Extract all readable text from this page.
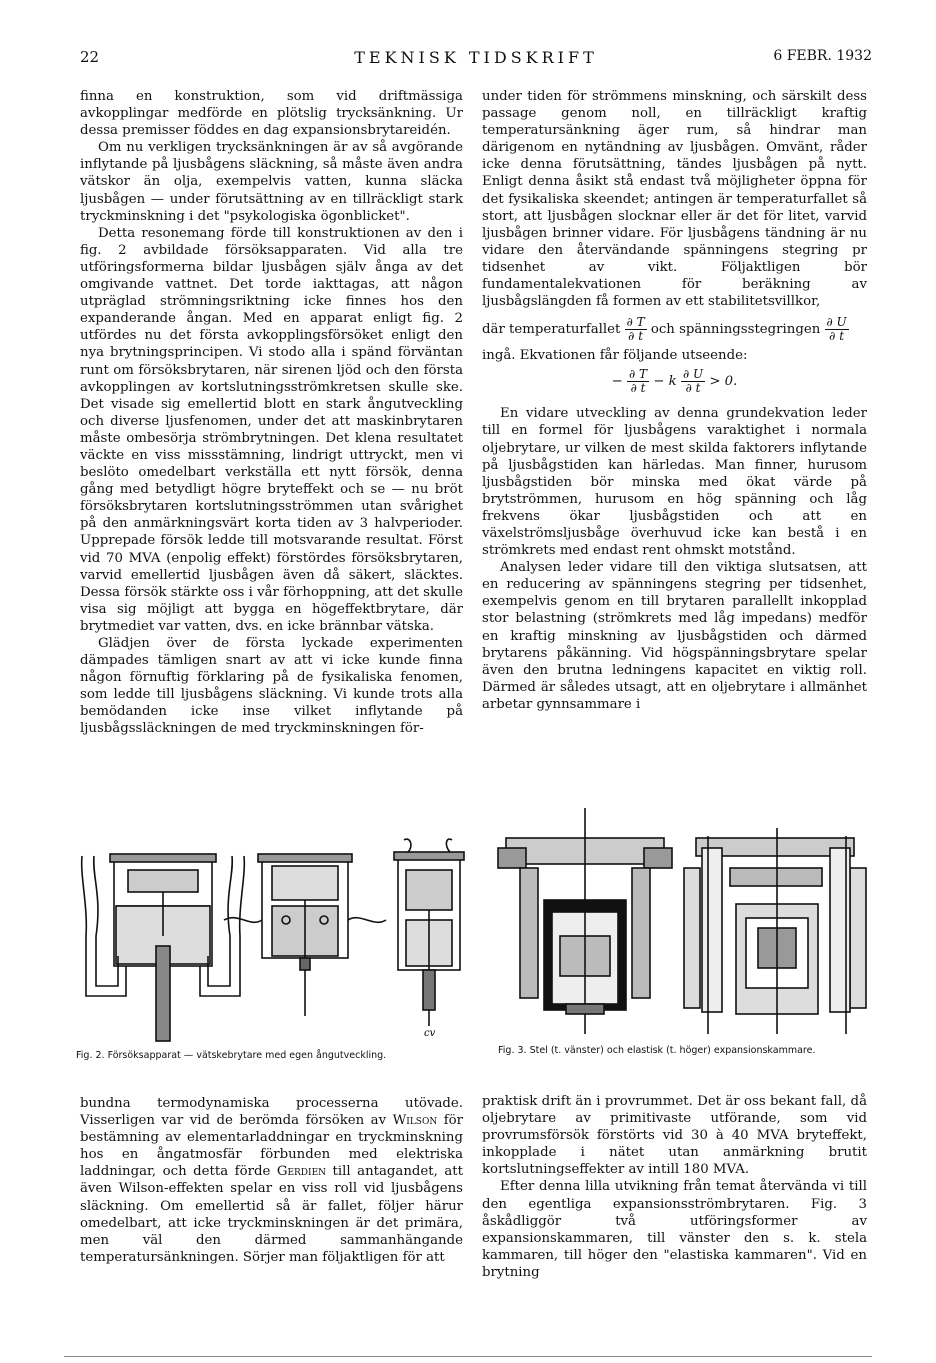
22	TEKNISK TIDSKRIFT	6 FEBR. 1932

finna en konstruktion, som vid driftmässiga avkopplingar medförde en plötslig trycksänkning. Ur dessa premisser föddes en dag expansionsbrytareidén.

Om nu verkligen trycksänkningen är av så avgörande inflytande på ljusbågens släckning, så måste även andra vätskor än olja, exempelvis vatten, kunna släcka ljusbågen — under förutsättning av en tillräckligt stark tryckminskning i det "psykologiska ögonblicket".

Detta resonemang förde till konstruktionen av den i fig. 2 avbildade försöksapparaten. Vid alla tre utföringsformerna bildar ljusbågen själv ånga av det omgivande vattnet. Det torde iakttagas, att någon utpräglad strömningsriktning icke finnes hos den expanderande ångan. Med en apparat enligt fig. 2 utfördes nu det första avkopplingsförsöket enligt den nya brytningsprincipen. Vi stodo alla i spänd förväntan runt om försöksbrytaren, när sirenen ljöd och den första avkopplingen av kortslutningsströmkretsen skulle ske. Det visade sig emellertid blott en stark ångutveckling och diverse ljusfenomen, under det att maskinbrytaren måste ombesörja strömbrytningen. Det klena resultatet väckte en viss missstämning, lindrigt uttryckt, men vi beslöto omedelbart verkställa ett nytt försök, denna gång med betydligt högre bryteffekt och se — nu bröt försöksbrytaren kortslutningsströmmen utan svårighet på den anmärkningsvärt korta tiden av 3 halvperioder. Upprepade försök ledde till motsvarande resultat. Först vid 70 MVA (enpolig effekt) förstördes försöksbrytaren, varvid emellertid ljusbågen även då säkert, släcktes. Dessa försök stärkte oss i vår förhoppning, att det skulle visa sig möjligt att bygga en högeffektbrytare, där brytmediet var vatten, dvs. en icke brännbar vätska.

Glädjen över de första lyckade experimenten dämpades tämligen snart av att vi icke kunde finna någon förnuftig förklaring på de fysikaliska fenomen, som ledde till ljusbågens släckning. Vi kunde trots alla bemödanden icke inse vilket inflytande på ljusbågssläckningen de med tryckminskningen för-

under tiden för strömmens minskning, och särskilt dess passage genom noll, en tillräckligt kraftig temperatursänkning äger rum, så hindrar man därigenom en nytändning av ljusbågen. Omvänt, råder icke denna förutsättning, tändes ljusbågen på nytt. Enligt denna åsikt stå endast två möjligheter öppna för det fysikaliska skeendet; antingen är temperaturfallet så stort, att ljusbågen slocknar eller är det för litet, varvid ljusbågen brinner vidare. För ljusbågens tändning är nu vidare den återvändande spänningens stegring pr tidsenhet av vikt. Följaktligen bör fundamentalekvationen för beräkning av ljusbågslängden få formen av ett stabilitetsvillkor,

där temperaturfallet $\frac{\partial T}{\partial t}$ och spänningsstegringen $\frac{\partial U}{\partial t}$

ingå. Ekvationen får följande utseende:

− $\frac{\partial T}{\partial t} - k \frac{\partial U}{\partial t} > 0$.

En vidare utveckling av denna grundekvation leder till en formel för ljusbågens varaktighet i normala oljebrytare, ur vilken de mest skilda faktorers inflytande på ljusbågstiden kan härledas. Man finner, hurusom ljusbågstiden bör minska med ökat värde på brytströmmen, hurusom en hög spänning och låg frekvens ökar ljusbågstiden och att en växelströmsljusbåge överhuvud icke kan bestå i en strömkrets med endast rent ohmskt motstånd.

Analysen leder vidare till den viktiga slutsatsen, att en reducering av spänningens stegring per tidsenhet, exempelvis genom en till brytaren parallellt inkopplad stor belastning (strömkrets med låg impedans) medför en kraftig minskning av ljusbågstiden och därmed brytarens påkänning. Vid högspänningsbrytare spelar även den brutna ledningens kapacitet en viktig roll. Därmed är således utsagt, att en oljebrytare i allmänhet arbetar gynnsammare i

cv
Fig. 2. Försöksapparat — vätskebrytare med egen ångutveckling.	Fig. 3. Stel (t. vänster) och elastisk (t. höger) expansionskammare.

bundna termodynamiska processerna utövade. Visserligen var vid de berömda försöken av Wilson för bestämning av elementarladdningar en tryckminskning hos en ångatmosfär förbunden med elektriska laddningar, och detta förde Gerdien till antagandet, att även Wilson-effekten spelar en viss roll vid ljusbågens släckning. Om emellertid så är fallet, följer härur omedelbart, att icke tryckminskningen är det primära, men väl den därmed sammanhängande temperatursänkningen. Sörjer man följaktligen för att

praktisk drift än i provrummet. Det är oss bekant fall, då oljebrytare av primitivaste utförande, som vid provrumsförsök förstörts vid 30 à 40 MVA bryteffekt, inkopplade i nätet utan anmärkning brutit kortslutningseffekter av intill 180 MVA.

Efter denna lilla utvikning från temat återvända vi till den egentliga expansionsströmbrytaren. Fig. 3 åskådliggör två utföringsformer av expansionskammaren, till vänster den s. k. stela kammaren, till höger den "elastiska kammaren". Vid en brytning
